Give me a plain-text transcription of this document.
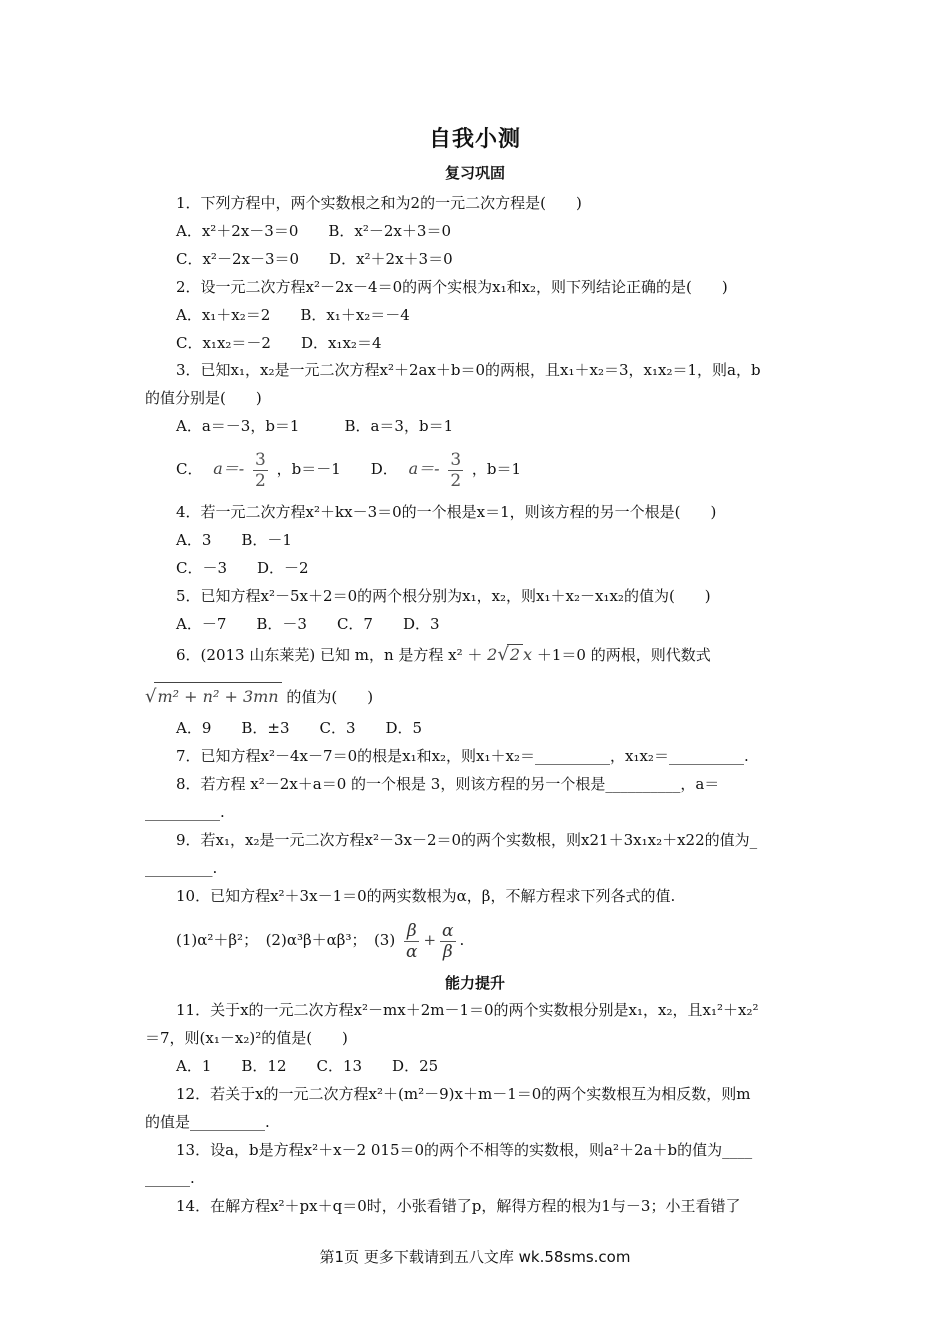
自我小测
复习巩固
1．下列方程中，两个实数根之和为2的一元二次方程是(　　)
A．x²＋2x－3＝0　　B．x²－2x＋3＝0
C．x²－2x－3＝0　　D．x²＋2x＋3＝0
2．设一元二次方程x²－2x－4＝0的两个实根为x₁和x₂，则下列结论正确的是(　　)
A．x₁＋x₂＝2　　B．x₁＋x₂＝－4
C．x₁x₂＝－2　　D．x₁x₂＝4
3．已知x₁，x₂是一元二次方程x²＋2ax＋b＝0的两根，且x₁＋x₂＝3，x₁x₂＝1，则a，b
的值分别是(　　)
A．a＝－3，b＝1　　　B．a＝3，b＝1
C． $a=- \frac{3}{2}$ ，b＝－1　　D． $a=- \frac{3}{2}$ ，b＝1
4．若一元二次方程x²＋kx－3＝0的一个根是x＝1，则该方程的另一个根是(　　)
A．3　　B．－1
C．－3　　D．－2
5．已知方程x²－5x＋2＝0的两个根分别为x₁，x₂，则x₁＋x₂－x₁x₂的值为(　　)
A．－7　　B．－3　　C．7　　D．3
6．(2013 山东莱芜) 已知 m，n 是方程 x² ＋ 2√2 x ＋1＝0 的两根，则代数式
√m² + n² + 3mn 的值为(　　)
A．9　　B．±3　　C．3　　D．5
7．已知方程x²－4x－7＝0的根是x₁和x₂，则x₁＋x₂＝__________，x₁x₂＝__________.
8．若方程 x²－2x＋a＝0 的一个根是 3，则该方程的另一个根是__________，a＝
__________.
9．若x₁，x₂是一元二次方程x²－3x－2＝0的两个实数根，则x21＋3x₁x₂＋x22的值为_
_________.
10．已知方程x²＋3x－1＝0的两实数根为α，β，不解方程求下列各式的值.
(1)α²＋β²；　(2)α³β＋αβ³；　$(3) \frac{\beta}{\alpha} + \frac{\alpha}{\beta}$ .
能力提升
11．关于x的一元二次方程x²－mx＋2m－1＝0的两个实数根分别是x₁，x₂，且x₁²＋x₂²
＝7，则(x₁－x₂)²的值是(　　)
A．1　　B．12　　C．13　　D．25
12．若关于x的一元二次方程x²＋(m²－9)x＋m－1＝0的两个实数根互为相反数，则m
的值是__________.
13．设a，b是方程x²＋x－2 015＝0的两个不相等的实数根，则a²＋2a＋b的值为____
______.
14．在解方程x²＋px＋q＝0时，小张看错了p，解得方程的根为1与－3；小王看错了
第1页 更多下载请到五八文库 wk.58sms.com
